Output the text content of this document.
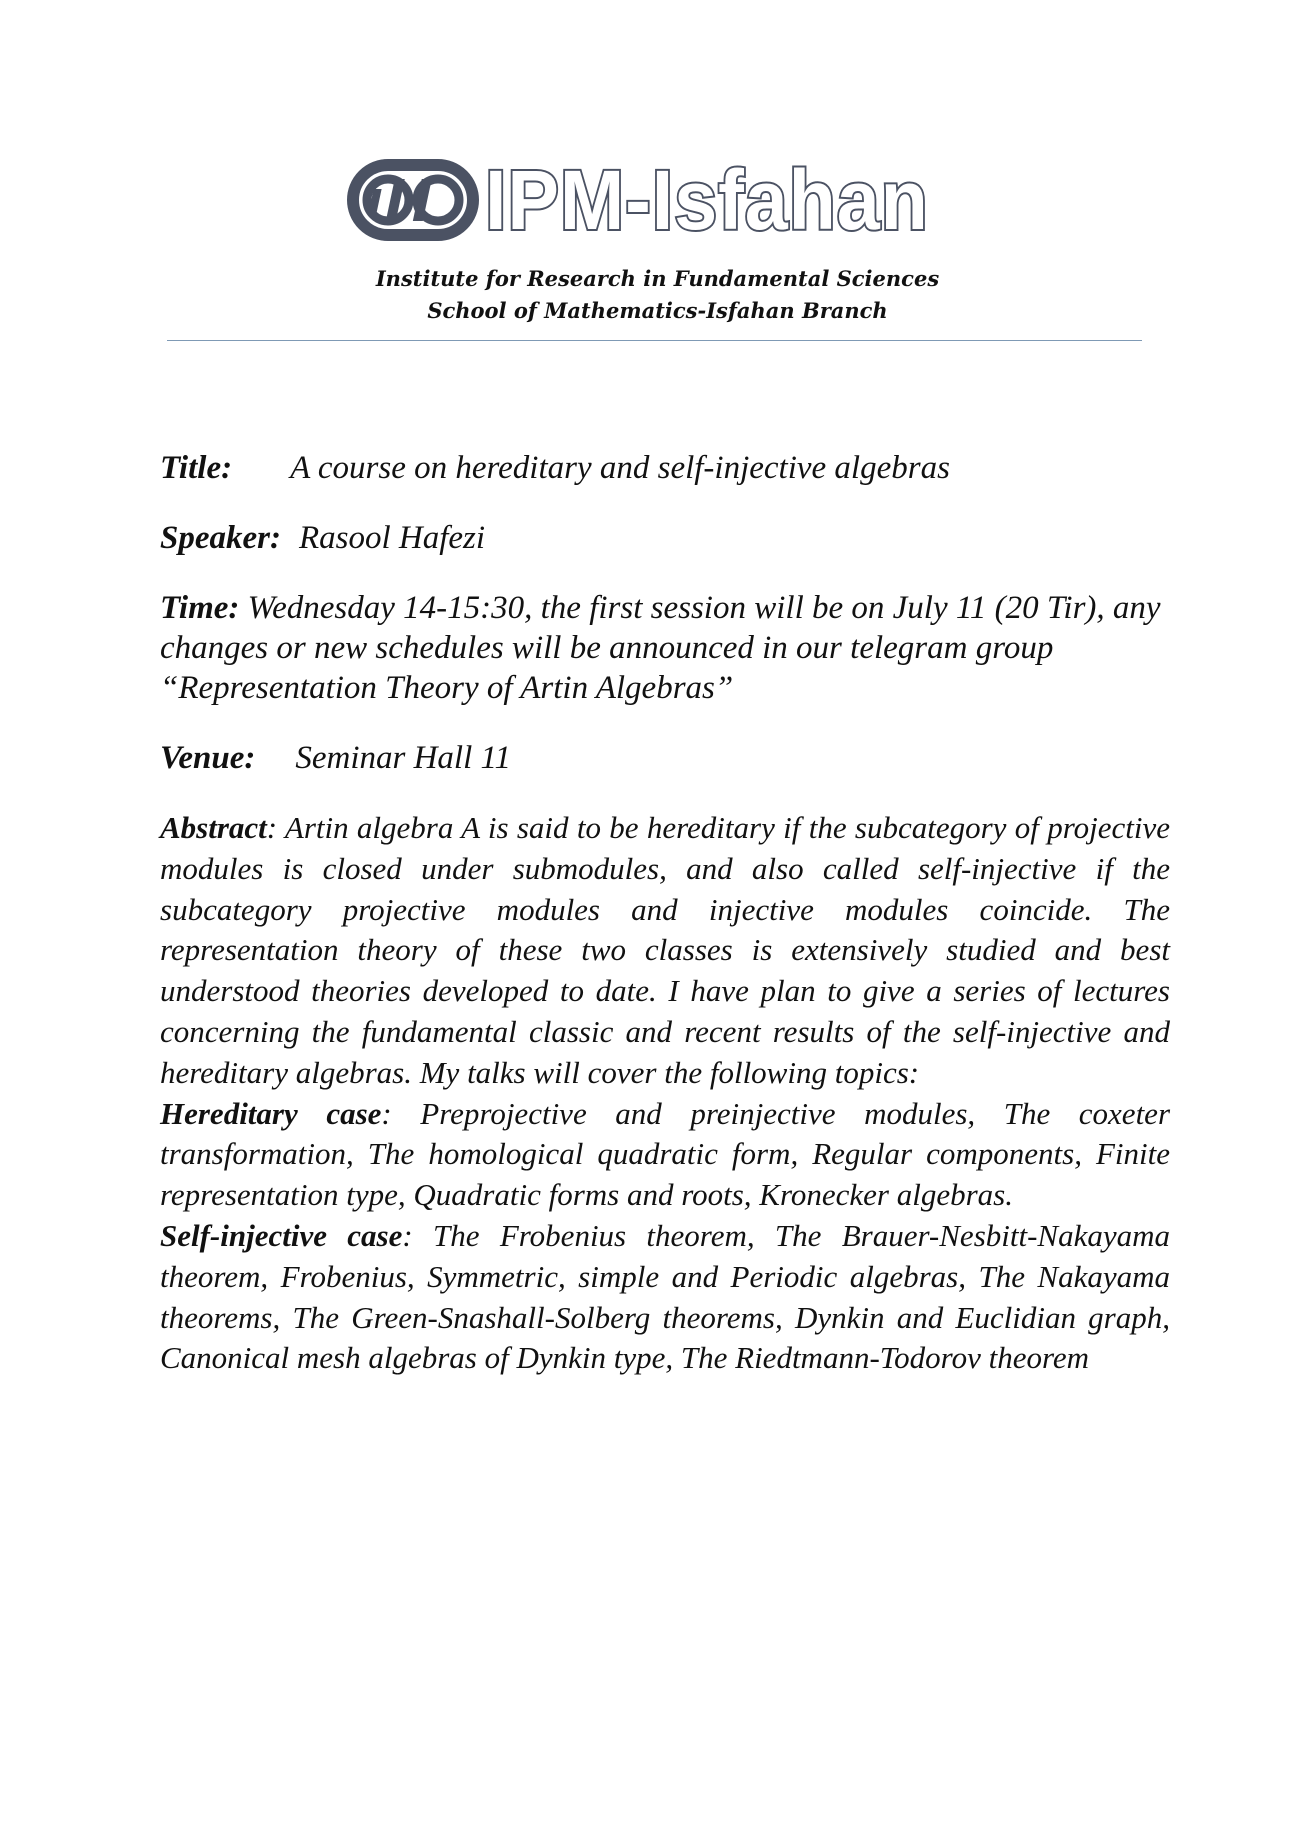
IPM-Isfahan
Institute for Research in Fundamental Sciences
School of Mathematics-Isfahan Branch

Title: A course on hereditary and self-injective algebras

Speaker: Rasool Hafezi

Time: Wednesday 14-15:30, the first session will be on July 11 (20 Tir), any changes or new schedules will be announced in our telegram group “Representation Theory of Artin Algebras”

Venue: Seminar Hall 11

Abstract: Artin algebra A is said to be hereditary if the subcategory of projective modules is closed under submodules, and also called self-injective if the subcategory projective modules and injective modules coincide. The representation theory of these two classes is extensively studied and best understood theories developed to date. I have plan to give a series of lectures concerning the fundamental classic and recent results of the self-injective and hereditary algebras. My talks will cover the following topics:

Hereditary case: Preprojective and preinjective modules, The coxeter transformation, The homological quadratic form, Regular components, Finite representation type, Quadratic forms and roots, Kronecker algebras.

Self-injective case: The Frobenius theorem, The Brauer-Nesbitt-Nakayama theorem, Frobenius, Symmetric, simple and Periodic algebras, The Nakayama theorems, The Green-Snashall-Solberg theorems, Dynkin and Euclidian graph, Canonical mesh algebras of Dynkin type, The Riedtmann-Todorov theorem
